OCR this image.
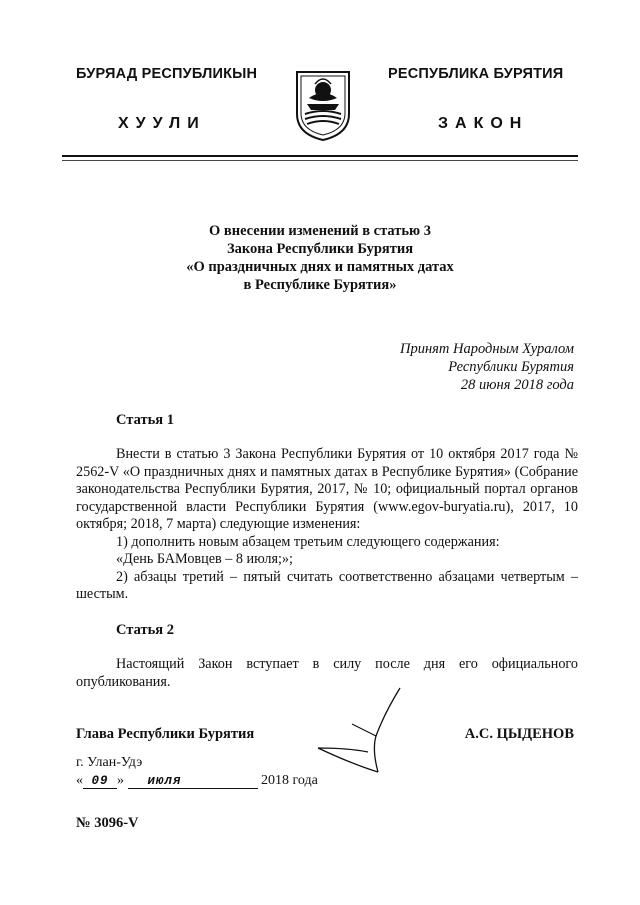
БУРЯАД РЕСПУБЛИКЫН
ХУУЛИ
РЕСПУБЛИКА БУРЯТИЯ
ЗАКОН
О внесении изменений в статью 3
Закона Республики Бурятия
«О праздничных днях и памятных датах
в Республике Бурятия»
Принят Народным Хуралом
Республики Бурятия
28 июня 2018 года
Статья 1

Внести в статью 3 Закона Республики Бурятия от 10 октября 2017 года № 2562-V «О праздничных днях и памятных датах в Республике Бурятия» (Собрание законодательства Республики Бурятия, 2017, № 10; официальный портал органов государственной власти Республики Бурятия (www.egov-buryatia.ru), 2017, 10 октября; 2018, 7 марта) следующие изменения:

1) дополнить новым абзацем третьим следующего содержания:

«День БАМовцев – 8 июля;»;

2) абзацы третий – пятый считать соответственно абзацами четвертым – шестым.

Статья 2

Настоящий Закон вступает в силу после дня его официального опубликования.

Глава Республики Бурятия	А.С. ЦЫДЕНОВ
г. Улан-Удэ
« 09 » июля	2018 года
№ 3096-V
